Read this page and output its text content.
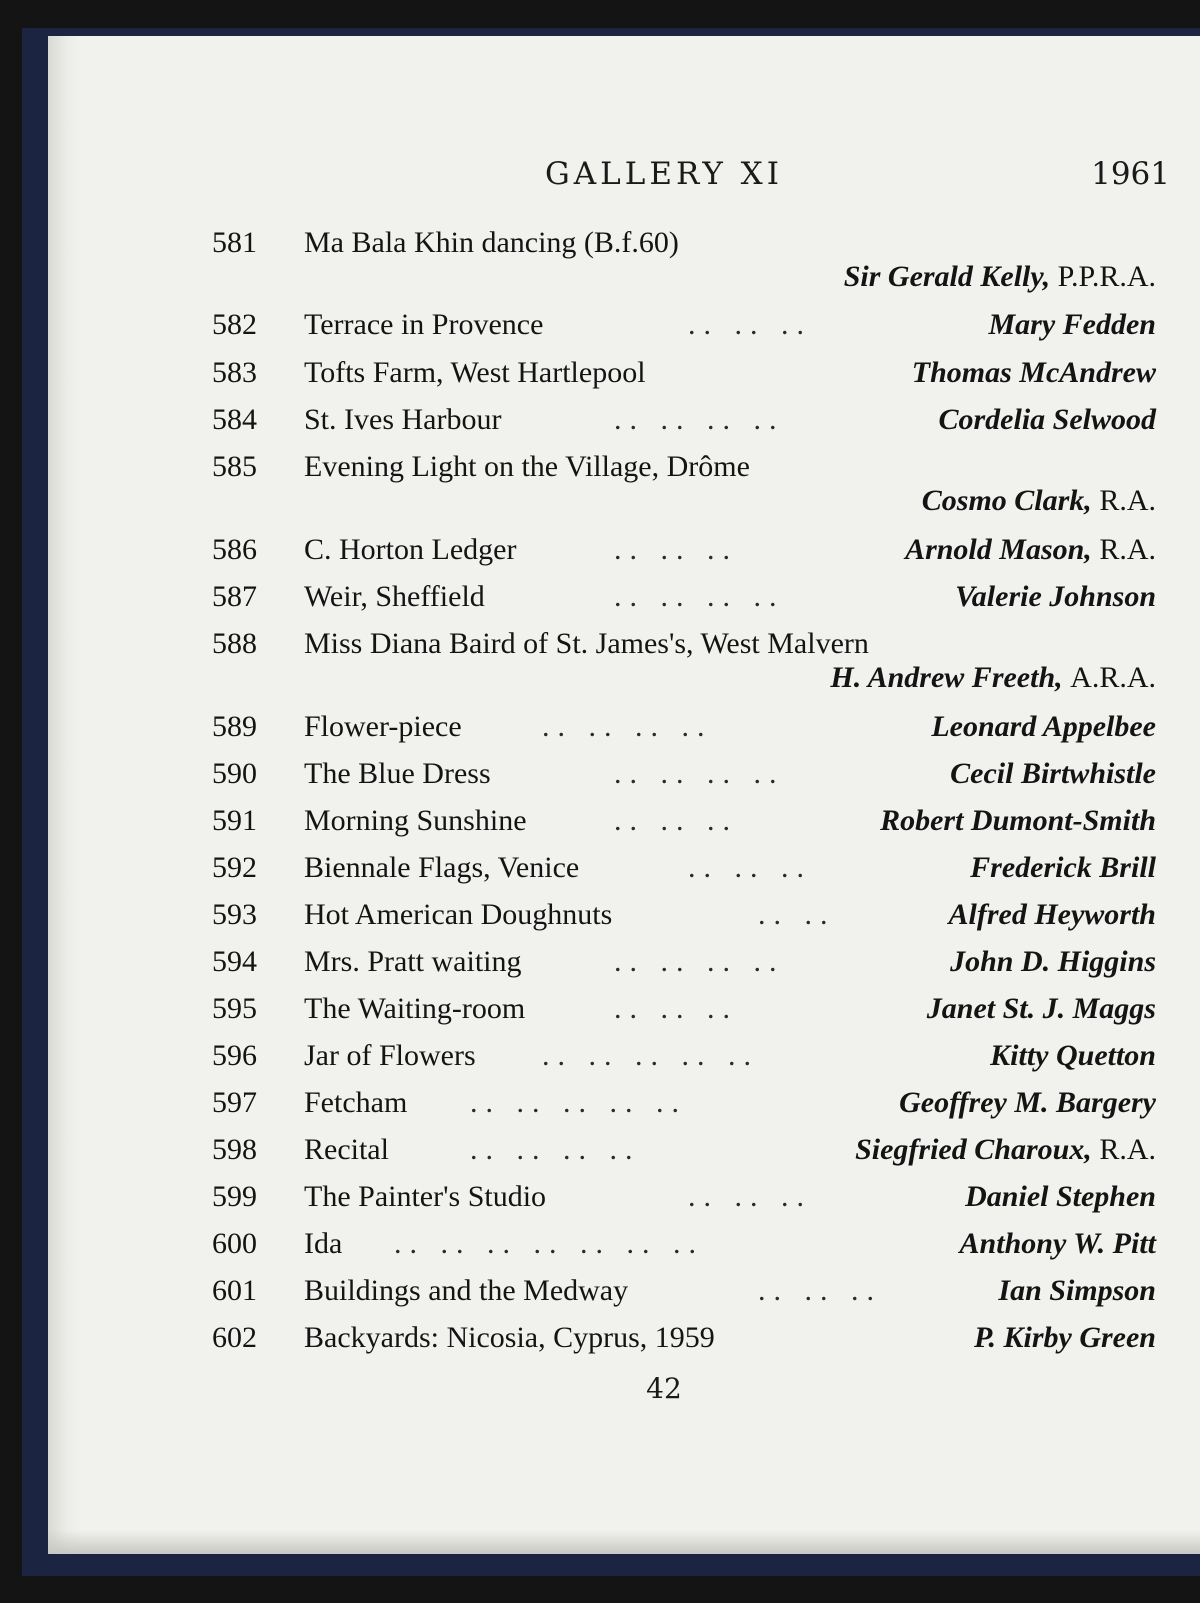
GALLERY XI	1961
581 Ma Bala Khin dancing (B.f.60)
Sir Gerald Kelly, P.P.R.A.
582 Terrace in Provence	.. .. ..	Mary Fedden
583 Tofts Farm, West Hartlepool	Thomas McAndrew
584 St. Ives Harbour	.. .. .. ..	Cordelia Selwood
585 Evening Light on the Village, Drôme
Cosmo Clark, R.A.
586 C. Horton Ledger	.. .. ..	Arnold Mason, R.A.
587 Weir, Sheffield	.. .. .. ..	Valerie Johnson
588 Miss Diana Baird of St. James's, West Malvern
H. Andrew Freeth, A.R.A.
589 Flower-piece	.. .. .. ..	Leonard Appelbee
590 The Blue Dress	.. .. .. ..	Cecil Birtwhistle
591 Morning Sunshine	.. .. ..	Robert Dumont-Smith
592 Biennale Flags, Venice	.. .. ..	Frederick Brill
593 Hot American Doughnuts	.. ..	Alfred Heyworth
594 Mrs. Pratt waiting	.. .. .. ..	John D. Higgins
595 The Waiting-room	.. .. ..	Janet St. J. Maggs
596 Jar of Flowers .. .. .. .. ..	Kitty Quetton
597 Fetcham .. .. .. .. ..	Geoffrey M. Bargery
598 Recital	.. .. .. ..	Siegfried Charoux, R.A.
599 The Painter's Studio	.. .. ..	Daniel Stephen
600 Ida .. .. .. .. .. .. ..	Anthony W. Pitt
601 Buildings and the Medway	.. .. ..	Ian Simpson
602 Backyards: Nicosia, Cyprus, 1959	P. Kirby Green
42
